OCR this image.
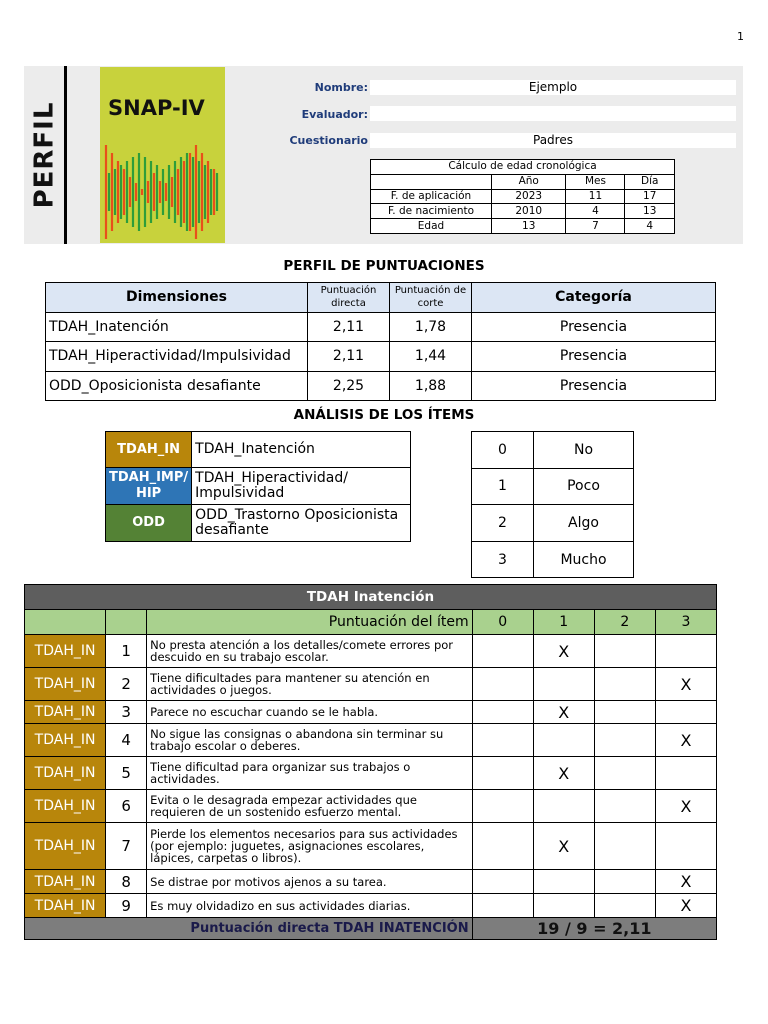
1
PERFIL SNAP-IV
Nombre:	Ejemplo
Evaluador:
Cuestionario	Padres
Cálculo de edad cronológica			
	Año	Mes	Día
F. de aplicación	2023	11	17
F. de nacimiento	2010	4	13
Edad	13	7	4
PERFIL DE PUNTUACIONES
Dimensiones	Puntuación directa	Puntuación de corte	Categoría
TDAH_Inatención	2,11	1,78	Presencia
TDAH_Hiperactividad/Impulsividad	2,11	1,44	Presencia
ODD_Oposicionista desafiante	2,25	1,88	Presencia
ANÁLISIS DE LOS ÍTEMS
TDAH_IN	TDAH_Inatención
TDAH_IMP/ HIP	TDAH_Hiperactividad/ Impulsividad
ODD	ODD_Trastorno Oposicionista desafiante
0	No
1	Poco
2	Algo
3	Mucho
TDAH Inatención						
		Puntuación del ítem	0	1	2	3
TDAH_IN	1	No presta atención a los detalles/comete errores por descuido en su trabajo escolar.		X		
TDAH_IN	2	Tiene dificultades para mantener su atención en actividades o juegos.				X
TDAH_IN	3	Parece no escuchar cuando se le habla.		X		
TDAH_IN	4	No sigue las consignas o abandona sin terminar su trabajo escolar o deberes.				X
TDAH_IN	5	Tiene dificultad para organizar sus trabajos o actividades.		X		
TDAH_IN	6	Evita o le desagrada empezar actividades que requieren de un sostenido esfuerzo mental.				X
TDAH_IN	7	Pierde los elementos necesarios para sus actividades (por ejemplo: juguetes, asignaciones escolares, lápices, carpetas o libros).		X		
TDAH_IN	8	Se distrae por motivos ajenos a su tarea.				X
TDAH_IN	9	Es muy olvidadizo en sus actividades diarias.				X
Puntuación directa TDAH INATENCIÓN			19 / 9 = 2,11			
